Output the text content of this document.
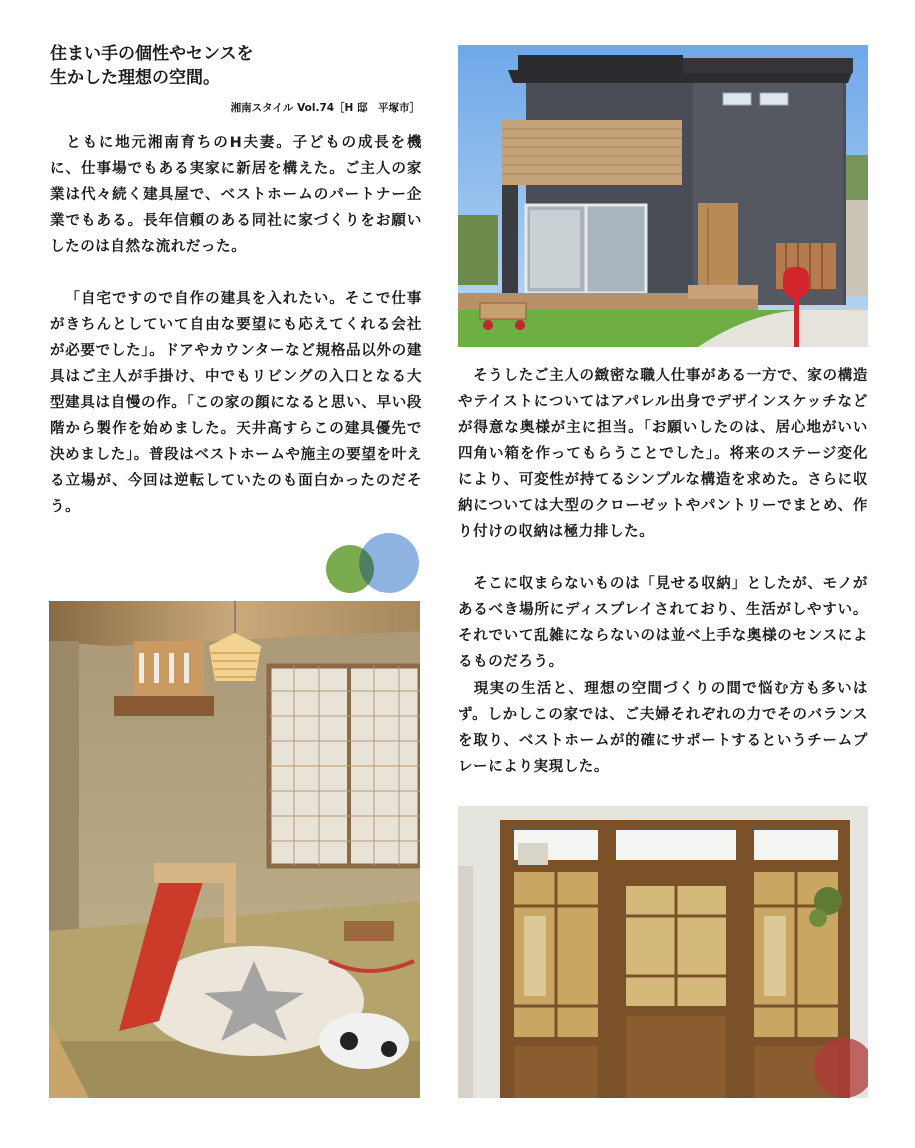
住まい手の個性やセンスを
生かした理想の空間。
湘南スタイル Vol.74［H 邸　平塚市］

ともに地元湘南育ちのH夫妻。子どもの成長を機に、仕事場でもある実家に新居を構えた。ご主人の家業は代々続く建具屋で、ベストホームのパートナー企業でもある。長年信頼のある同社に家づくりをお願いしたのは自然な流れだった。

「自宅ですので自作の建具を入れたい。そこで仕事がきちんとしていて自由な要望にも応えてくれる会社が必要でした」。ドアやカウンターなど規格品以外の建具はご主人が手掛け、中でもリビングの入口となる大型建具は自慢の作。「この家の顔になると思い、早い段階から製作を始めました。天井高すらこの建具優先で決めました」。普段はベストホームや施主の要望を叶える立場が、今回は逆転していたのも面白かったのだそう。

そうしたご主人の緻密な職人仕事がある一方で、家の構造やテイストについてはアパレル出身でデザインスケッチなどが得意な奥様が主に担当。「お願いしたのは、居心地がいい四角い箱を作ってもらうことでした」。将来のステージ変化により、可変性が持てるシンプルな構造を求めた。さらに収納については大型のクローゼットやパントリーでまとめ、作り付けの収納は極力排した。

そこに収まらないものは「見せる収納」としたが、モノがあるべき場所にディスプレイされており、生活がしやすい。それでいて乱雑にならないのは並べ上手な奥様のセンスによるものだろう。

現実の生活と、理想の空間づくりの間で悩む方も多いはず。しかしこの家では、ご夫婦それぞれの力でそのバランスを取り、ベストホームが的確にサポートするというチームプレーにより実現した。
